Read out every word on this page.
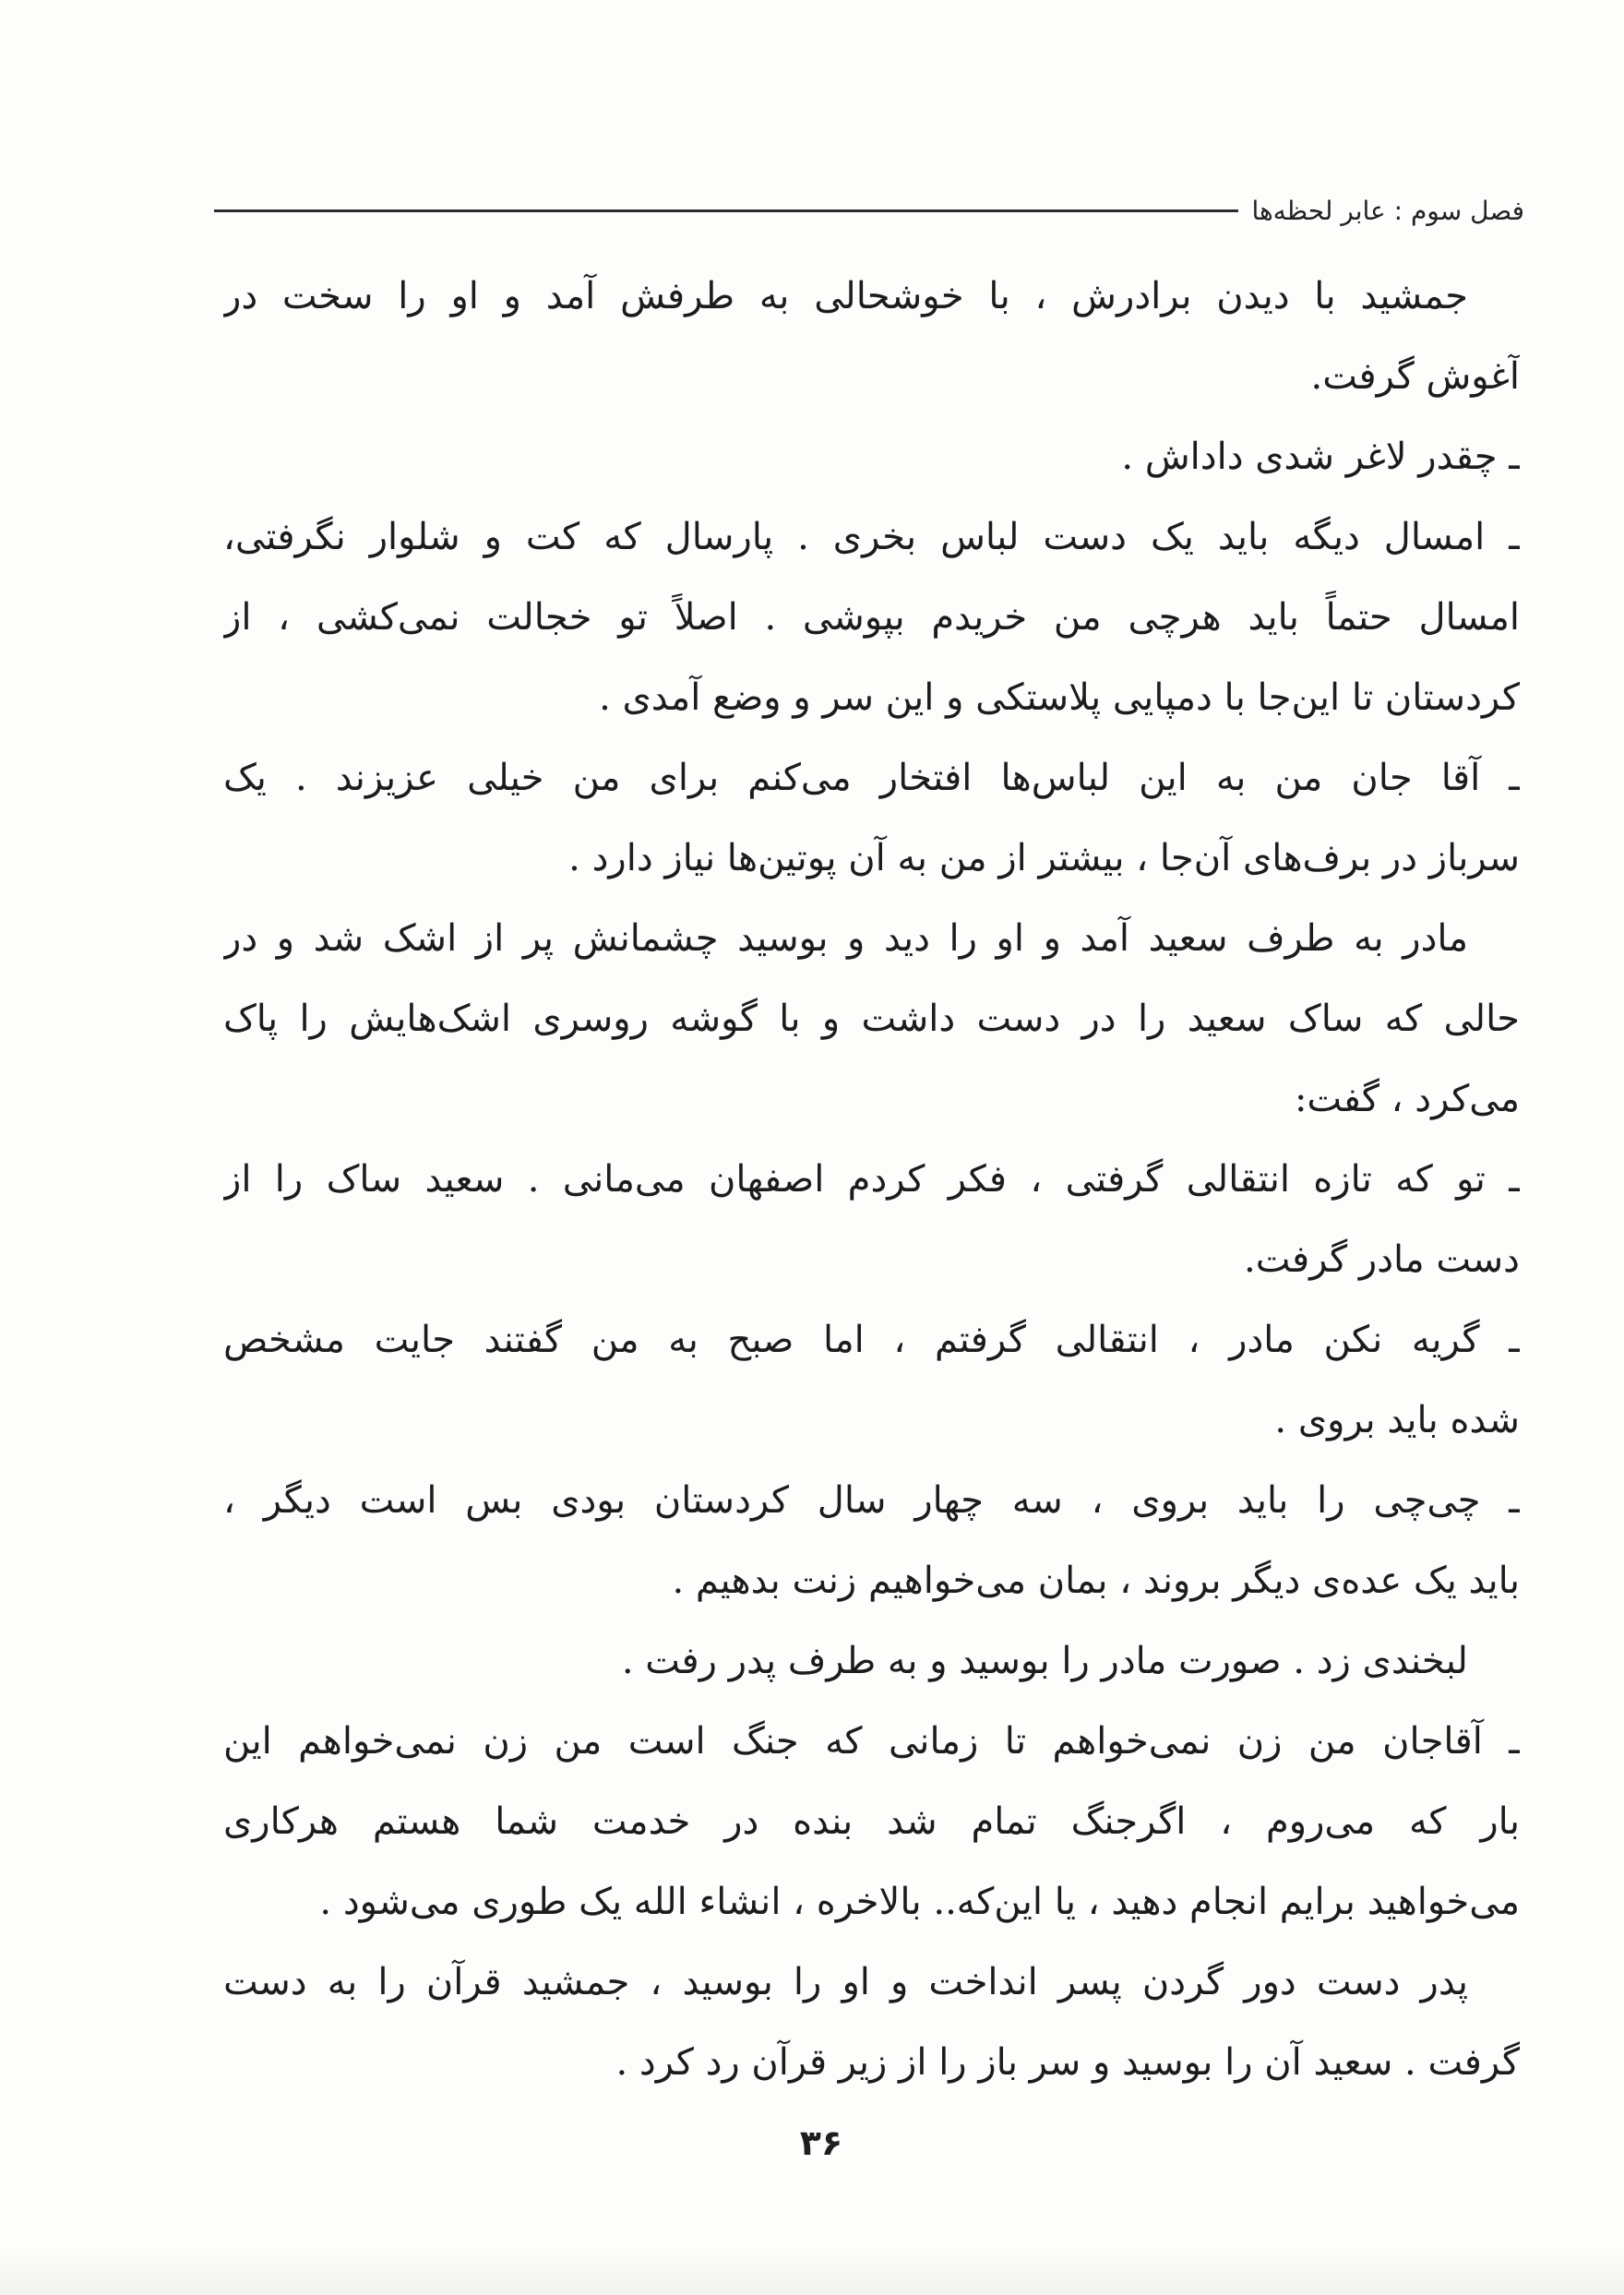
فصل سوم : عابر لحظه‌ها
جمشید با دیدن برادرش ، با خوشحالی به طرفش آمد و او را سخت در
آغوش گرفت.
ـ چقدر لاغر شدی داداش .
ـ امسال دیگه باید یک دست لباس بخری . پارسال که کت و شلوار نگرفتی،
امسال حتماً باید هرچی من خریدم بپوشی . اصلاً تو خجالت نمی‌کشی ، از
کردستان تا این‌جا با دمپایی پلاستکی و این سر و وضع آمدی .
ـ آقا جان من به این لباس‌ها افتخار می‌کنم برای من خیلی عزیزند . یک
سرباز در برف‌های آن‌جا ، بیشتر از من به آن پوتین‌ها نیاز دارد .
مادر به طرف سعید آمد و او را دید و بوسید چشمانش پر از اشک شد و در
حالی که ساک سعید را در دست داشت و با گوشه روسری اشک‌هایش را پاک
می‌کرد ، گفت:
ـ تو که تازه انتقالی گرفتی ، فکر کردم اصفهان می‌مانی . سعید ساک را از
دست مادر گرفت.
ـ گریه نکن مادر ، انتقالی گرفتم ، اما صبح به من گفتند جایت مشخص
شده باید بروی .
ـ چی‌چی را باید بروی ، سه چهار سال کردستان بودی بس است دیگر ،
باید یک عده‌ی دیگر بروند ، بمان می‌خواهیم زنت بدهیم .
لبخندی زد . صورت مادر را بوسید و به طرف پدر رفت .
ـ آقاجان من زن نمی‌خواهم تا زمانی که جنگ است من زن نمی‌خواهم این
بار که می‌روم ، اگرجنگ تمام شد بنده در خدمت شما هستم هرکاری
می‌خواهید برایم انجام دهید ، یا این‌که.. بالاخره ، انشاء الله یک طوری می‌شود .
پدر دست دور گردن پسر انداخت و او را بوسید ، جمشید قرآن را به دست
گرفت . سعید آن را بوسید و سر باز را از زیر قرآن رد کرد .
۳۶
